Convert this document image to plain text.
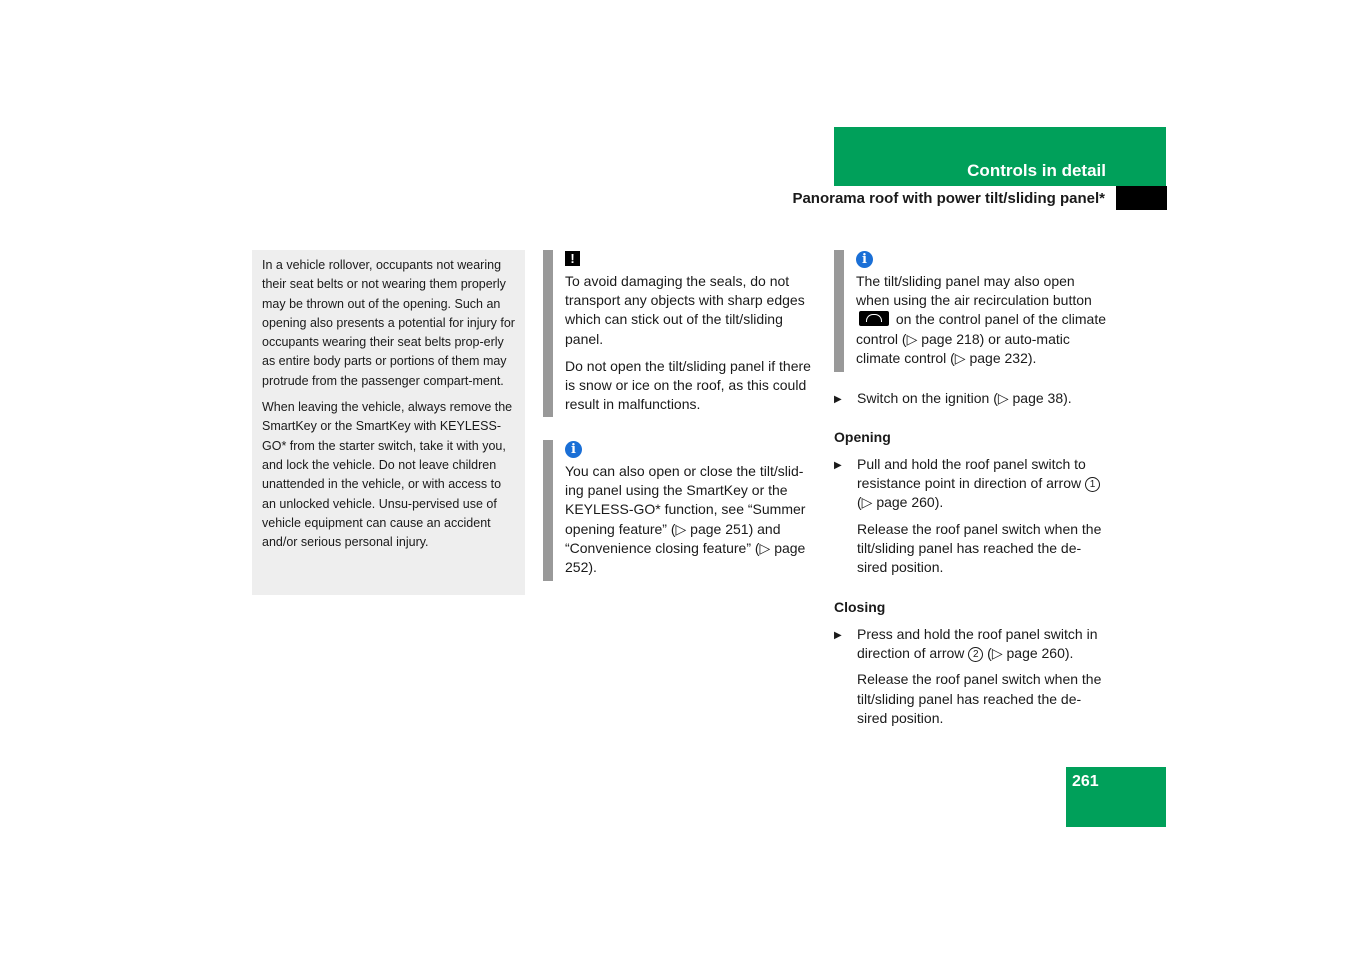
Controls in detail
Panorama roof with power tilt/sliding panel*

In a vehicle rollover, occupants not wearing their seat belts or not wearing them properly may be thrown out of the opening. Such an opening also presents a potential for injury for occupants wearing their seat belts prop-erly as entire body parts or portions of them may protrude from the passenger compart-ment.

When leaving the vehicle, always remove the SmartKey or the SmartKey with KEYLESS-GO* from the starter switch, take it with you, and lock the vehicle. Do not leave children unattended in the vehicle, or with access to an unlocked vehicle. Unsu-pervised use of vehicle equipment can cause an accident and/or serious personal injury.

!

To avoid damaging the seals, do not transport any objects with sharp edges which can stick out of the tilt/sliding panel.

Do not open the tilt/sliding panel if there is snow or ice on the roof, as this could result in malfunctions.

i

You can also open or close the tilt/slid-ing panel using the SmartKey or the KEYLESS-GO* function, see “Summer opening feature” (▷ page 251) and “Convenience closing feature” (▷ page 252).

i

The tilt/sliding panel may also open when using the air recirculation button  on the control panel of the climate control (▷ page 218) or auto-matic climate control (▷ page 232).

▶ Switch on the ignition (▷ page 38).

Opening
▶ Pull and hold the roof panel switch to resistance point in direction of arrow 1 (▷ page 260).

Release the roof panel switch when the tilt/sliding panel has reached the de-sired position.

Closing
▶ Press and hold the roof panel switch in direction of arrow 2 (▷ page 260).

Release the roof panel switch when the tilt/sliding panel has reached the de-sired position.

261
